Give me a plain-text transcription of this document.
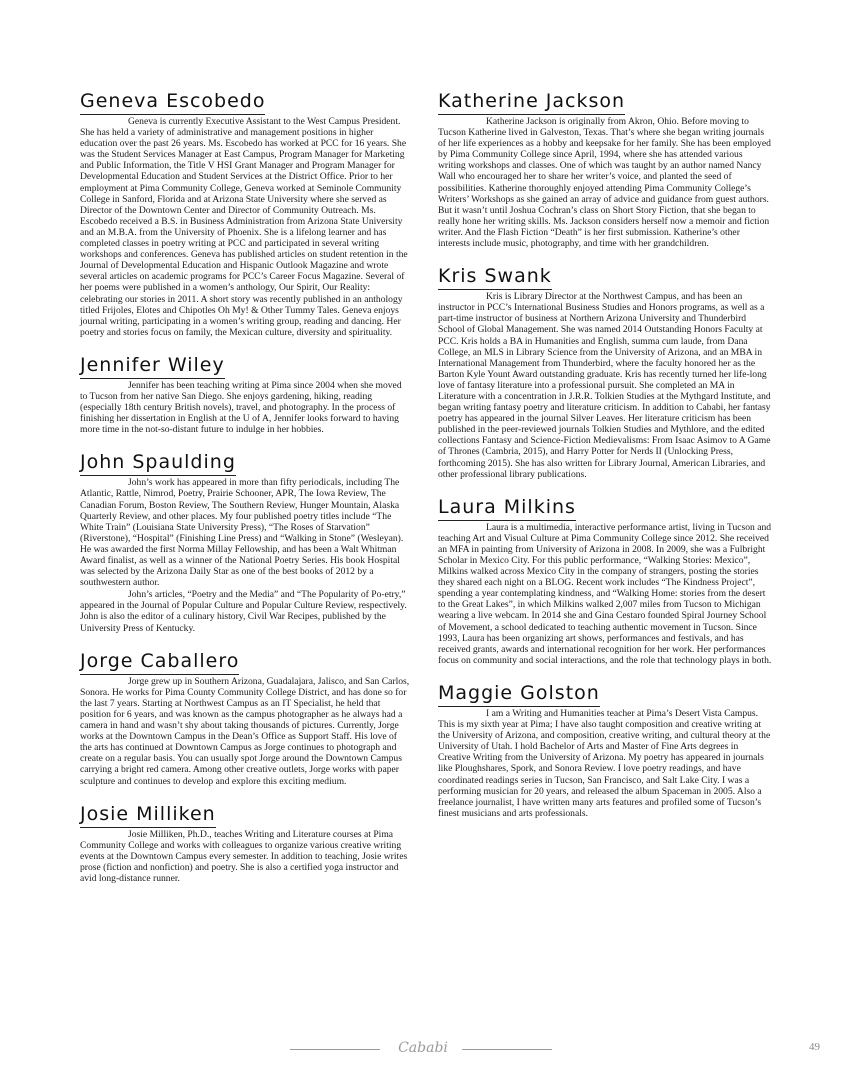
Geneva Escobedo

Geneva is currently Executive Assistant to the West Campus President. She has held a variety of administrative and management positions in higher education over the past 26 years. Ms. Escobedo has worked at PCC for 16 years. She was the Student Services Manager at East Campus, Program Manager for Marketing and Public Information, the Title V HSI Grant Manager and Program Manager for Developmental Education and Student Services at the District Office. Prior to her employment at Pima Community College, Geneva worked at Seminole Community College in Sanford, Florida and at Arizona State University where she served as Director of the Downtown Center and Director of Community Outreach. Ms. Escobedo received a B.S. in Business Administration from Arizona State University and an M.B.A. from the University of Phoenix. She is a lifelong learner and has completed classes in poetry writing at PCC and participated in several writing workshops and conferences. Geneva has published articles on student retention in the Journal of Developmental Education and Hispanic Outlook Magazine and wrote several articles on academic programs for PCC’s Career Focus Magazine. Several of her poems were published in a women’s anthology, Our Spirit, Our Reality: celebrating our stories in 2011. A short story was recently published in an anthology titled Frijoles, Elotes and Chipotles Oh My! & Other Tummy Tales. Geneva enjoys journal writing, participating in a women’s writing group, reading and dancing. Her poetry and stories focus on family, the Mexican culture, diversity and spirituality.

Jennifer Wiley

Jennifer has been teaching writing at Pima since 2004 when she moved to Tucson from her native San Diego. She enjoys gardening, hiking, reading (especially 18th century British novels), travel, and photography. In the process of finishing her dissertation in English at the U of A, Jennifer looks forward to having more time in the not-so-distant future to indulge in her hobbies.

John Spaulding

John’s work has appeared in more than fifty periodicals, including The Atlantic, Rattle, Nimrod, Poetry, Prairie Schooner, APR, The Iowa Review, The Canadian Forum, Boston Review, The Southern Review, Hunger Mountain, Alaska Quarterly Review, and other places. My four published poetry titles include “The White Train” (Louisiana State University Press), “The Roses of Starvation” (Riverstone), “Hospital” (Finishing Line Press) and “Walking in Stone” (Wesleyan). He was awarded the first Norma Millay Fellowship, and has been a Walt Whitman Award finalist, as well as a winner of the National Poetry Series. His book Hospital was selected by the Arizona Daily Star as one of the best books of 2012 by a southwestern author.

John’s articles, “Poetry and the Media” and “The Popularity of Po-etry,” appeared in the Journal of Popular Culture and Popular Culture Review, respectively. John is also the editor of a culinary history, Civil War Recipes, published by the University Press of Kentucky.

Jorge Caballero

Jorge grew up in Southern Arizona, Guadalajara, Jalisco, and San Carlos, Sonora. He works for Pima County Community College District, and has done so for the last 7 years. Starting at Northwest Campus as an IT Specialist, he held that position for 6 years, and was known as the campus photographer as he always had a camera in hand and wasn’t shy about taking thousands of pictures. Currently, Jorge works at the Downtown Campus in the Dean’s Office as Support Staff. His love of the arts has continued at Downtown Campus as Jorge continues to photograph and create on a regular basis. You can usually spot Jorge around the Downtown Campus carrying a bright red camera. Among other creative outlets, Jorge works with paper sculpture and continues to develop and explore this exciting medium.

Josie Milliken

Josie Milliken, Ph.D., teaches Writing and Literature courses at Pima Community College and works with colleagues to organize various creative writing events at the Downtown Campus every semester. In addition to teaching, Josie writes prose (fiction and nonfiction) and poetry. She is also a certified yoga instructor and avid long-distance runner.

Katherine Jackson

Katherine Jackson is originally from Akron, Ohio. Before moving to Tucson Katherine lived in Galveston, Texas. That’s where she began writing journals of her life experiences as a hobby and keepsake for her family. She has been employed by Pima Community College since April, 1994, where she has attended various writing workshops and classes. One of which was taught by an author named Nancy Wall who encouraged her to share her writer’s voice, and planted the seed of possibilities. Katherine thoroughly enjoyed attending Pima Community College’s Writers’ Workshops as she gained an array of advice and guidance from guest authors. But it wasn’t until Joshua Cochran’s class on Short Story Fiction, that she began to really hone her writing skills. Ms. Jackson considers herself now a memoir and fiction writer. And the Flash Fiction “Death” is her first submission. Katherine’s other interests include music, photography, and time with her grandchildren.

Kris Swank

Kris is Library Director at the Northwest Campus, and has been an instructor in PCC’s International Business Studies and Honors programs, as well as a part-time instructor of business at Northern Arizona University and Thunderbird School of Global Management. She was named 2014 Outstanding Honors Faculty at PCC. Kris holds a BA in Humanities and English, summa cum laude, from Dana College, an MLS in Library Science from the University of Arizona, and an MBA in International Management from Thunderbird, where the faculty honored her as the Barton Kyle Yount Award outstanding graduate. Kris has recently turned her life-long love of fantasy literature into a professional pursuit. She completed an MA in Literature with a concentration in J.R.R. Tolkien Studies at the Mythgard Institute, and began writing fantasy poetry and literature criticism. In addition to Cababi, her fantasy poetry has appeared in the journal Silver Leaves. Her literature criticism has been published in the peer-reviewed journals Tolkien Studies and Mythlore, and the edited collections Fantasy and Science-Fiction Medievalisms: From Isaac Asimov to A Game of Thrones (Cambria, 2015), and Harry Potter for Nerds II (Unlocking Press, forthcoming 2015). She has also written for Library Journal, American Libraries, and other professional library publications.

Laura Milkins

Laura is a multimedia, interactive performance artist, living in Tucson and teaching Art and Visual Culture at Pima Community College since 2012. She received an MFA in painting from University of Arizona in 2008. In 2009, she was a Fulbright Scholar in Mexico City. For this public performance, “Walking Stories: Mexico”, Milkins walked across Mexico City in the company of strangers, posting the stories they shared each night on a BLOG. Recent work includes “The Kindness Project”, spending a year contemplating kindness, and “Walking Home: stories from the desert to the Great Lakes”, in which Milkins walked 2,007 miles from Tucson to Michigan wearing a live webcam. In 2014 she and Gina Cestaro founded Spiral Journey School of Movement, a school dedicated to teaching authentic movement in Tucson. Since 1993, Laura has been organizing art shows, performances and festivals, and has received grants, awards and international recognition for her work. Her performances focus on community and social interactions, and the role that technology plays in both.

Maggie Golston

I am a Writing and Humanities teacher at Pima’s Desert Vista Campus. This is my sixth year at Pima; I have also taught composition and creative writing at the University of Arizona, and composition, creative writing, and cultural theory at the University of Utah. I hold Bachelor of Arts and Master of Fine Arts degrees in Creative Writing from the University of Arizona. My poetry has appeared in journals like Ploughshares, Spork, and Sonora Review. I love poetry readings, and have coordinated readings series in Tucson, San Francisco, and Salt Lake City. I was a performing musician for 20 years, and released the album Spaceman in 2005. Also a freelance journalist, I have written many arts features and profiled some of Tucson’s finest musicians and arts professionals.

Cababi	49
